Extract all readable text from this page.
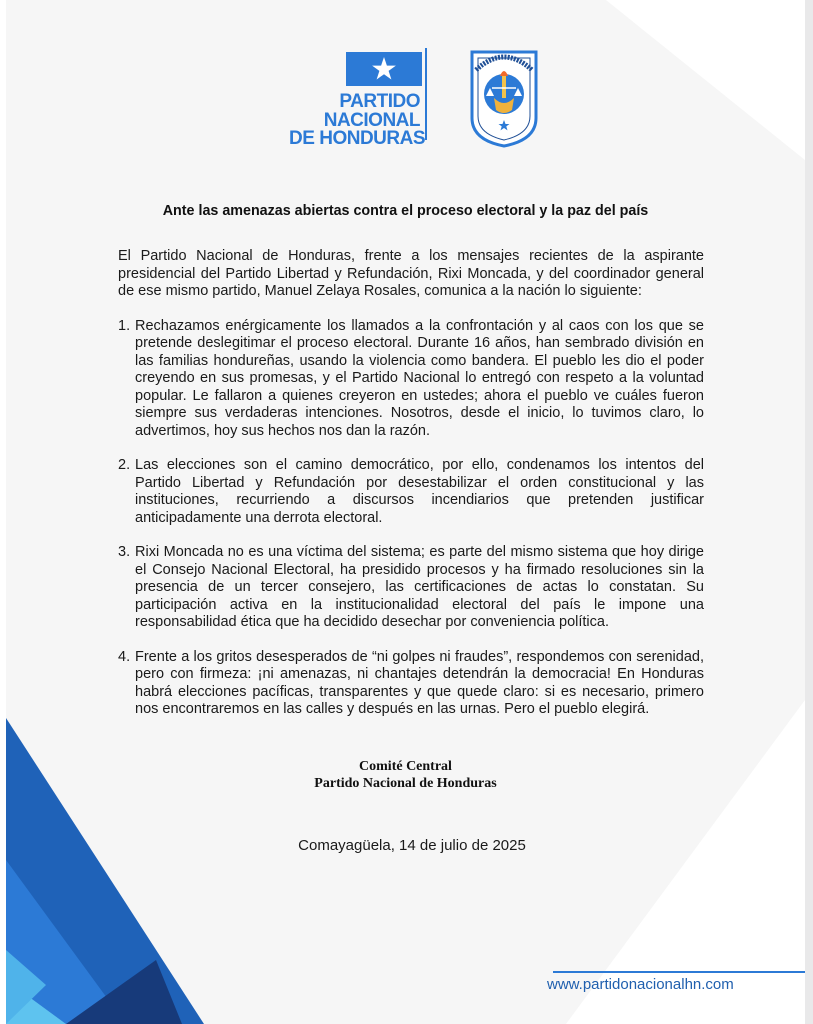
PARTIDO
NACIONAL
DE HONDURAS
Ante las amenazas abiertas contra el proceso electoral y la paz del país

El Partido Nacional de Honduras, frente a los mensajes recientes de la aspirante presidencial del Partido Libertad y Refundación, Rixi Moncada, y del coordinador general de ese mismo partido, Manuel Zelaya Rosales, comunica a la nación lo siguiente:

1. Rechazamos enérgicamente los llamados a la confrontación y al caos con los que se pretende deslegitimar el proceso electoral. Durante 16 años, han sembrado división en las familias hondureñas, usando la violencia como bandera. El pueblo les dio el poder creyendo en sus promesas, y el Partido Nacional lo entregó con respeto a la voluntad popular. Le fallaron a quienes creyeron en ustedes; ahora el pueblo ve cuáles fueron siempre sus verdaderas intenciones. Nosotros, desde el inicio, lo tuvimos claro, lo advertimos, hoy sus hechos nos dan la razón.
2. Las elecciones son el camino democrático, por ello, condenamos los intentos del Partido Libertad y Refundación por desestabilizar el orden constitucional y las instituciones, recurriendo a discursos incendiarios que pretenden justificar anticipadamente una derrota electoral.
3. Rixi Moncada no es una víctima del sistema; es parte del mismo sistema que hoy dirige el Consejo Nacional Electoral, ha presidido procesos y ha firmado resoluciones sin la presencia de un tercer consejero, las certificaciones de actas lo constatan. Su participación activa en la institucionalidad electoral del país le impone una responsabilidad ética que ha decidido desechar por conveniencia política.
4. Frente a los gritos desesperados de “ni golpes ni fraudes”, respondemos con serenidad, pero con firmeza: ¡ni amenazas, ni chantajes detendrán la democracia! En Honduras habrá elecciones pacíficas, transparentes y que quede claro: si es necesario, primero nos encontraremos en las calles y después en las urnas. Pero el pueblo elegirá.
Comité Central
Partido Nacional de Honduras
Comayagüela, 14 de julio de 2025
www.partidonacionalhn.com
